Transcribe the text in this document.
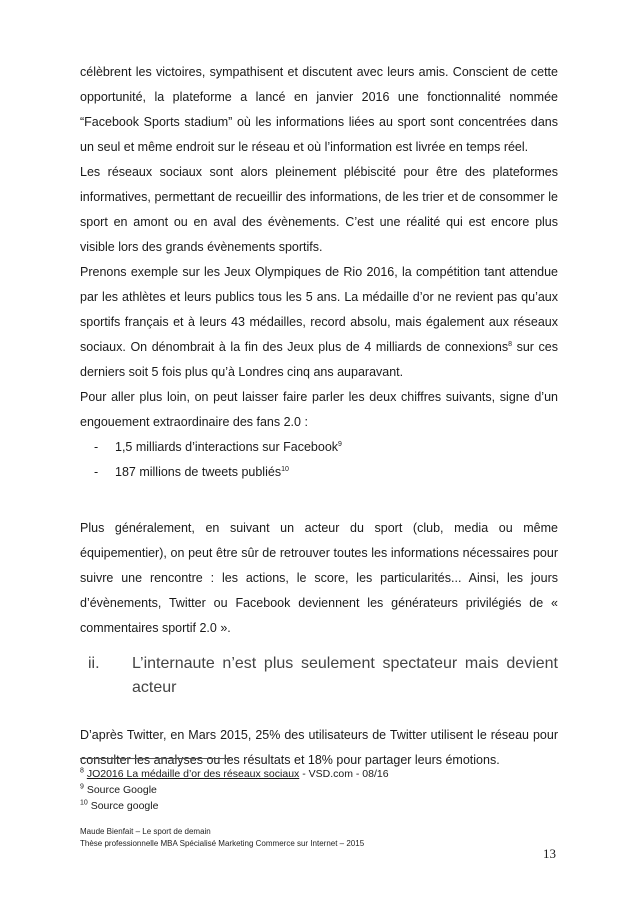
célèbrent les victoires, sympathisent et discutent avec leurs amis. Conscient de cette opportunité, la plateforme a lancé en janvier 2016 une fonctionnalité nommée “Facebook Sports stadium” où les informations liées au sport sont concentrées dans un seul et même endroit sur le réseau et où l’information est livrée en temps réel.

Les réseaux sociaux sont alors pleinement plébiscité pour être des plateformes informatives, permettant de recueillir des informations, de les trier et de consommer le sport en amont ou en aval des évènements. C’est une réalité qui est encore plus visible lors des grands évènements sportifs.

Prenons exemple sur les Jeux Olympiques de Rio 2016, la compétition tant attendue par les athlètes et leurs publics tous les 5 ans. La médaille d’or ne revient pas qu’aux sportifs français et à leurs 43 médailles, record absolu, mais également aux réseaux sociaux. On dénombrait à la fin des Jeux plus de 4 milliards de connexions$^8$ sur ces derniers soit 5 fois plus qu’à Londres cinq ans auparavant.

Pour aller plus loin, on peut laisser faire parler les deux chiffres suivants, signe d’un engouement extraordinaire des fans 2.0 :

- 1,5 milliards d’interactions sur Facebook$^9$
- 187 millions de tweets publiés$^{10}$

Plus généralement, en suivant un acteur du sport (club, media ou même équipementier), on peut être sûr de retrouver toutes les informations nécessaires pour suivre une rencontre : les actions, le score, les particularités... Ainsi, les jours d’évènements, Twitter ou Facebook deviennent les générateurs privilégiés de « commentaires sportif 2.0 ».

ii.	L’internaute n’est plus seulement spectateur mais devient acteur

D’après Twitter, en Mars 2015, 25% des utilisateurs de Twitter utilisent le réseau pour consulter les analyses ou les résultats et 18% pour partager leurs émotions.

$^8$ JO2016 La médaille d’or des réseaux sociaux - VSD.com - 08/16
$^9$ Source Google
$^{10}$ Source google
Maude Bienfait – Le sport de demain
Thèse professionnelle MBA Spécialisé Marketing Commerce sur Internet – 2015
13
